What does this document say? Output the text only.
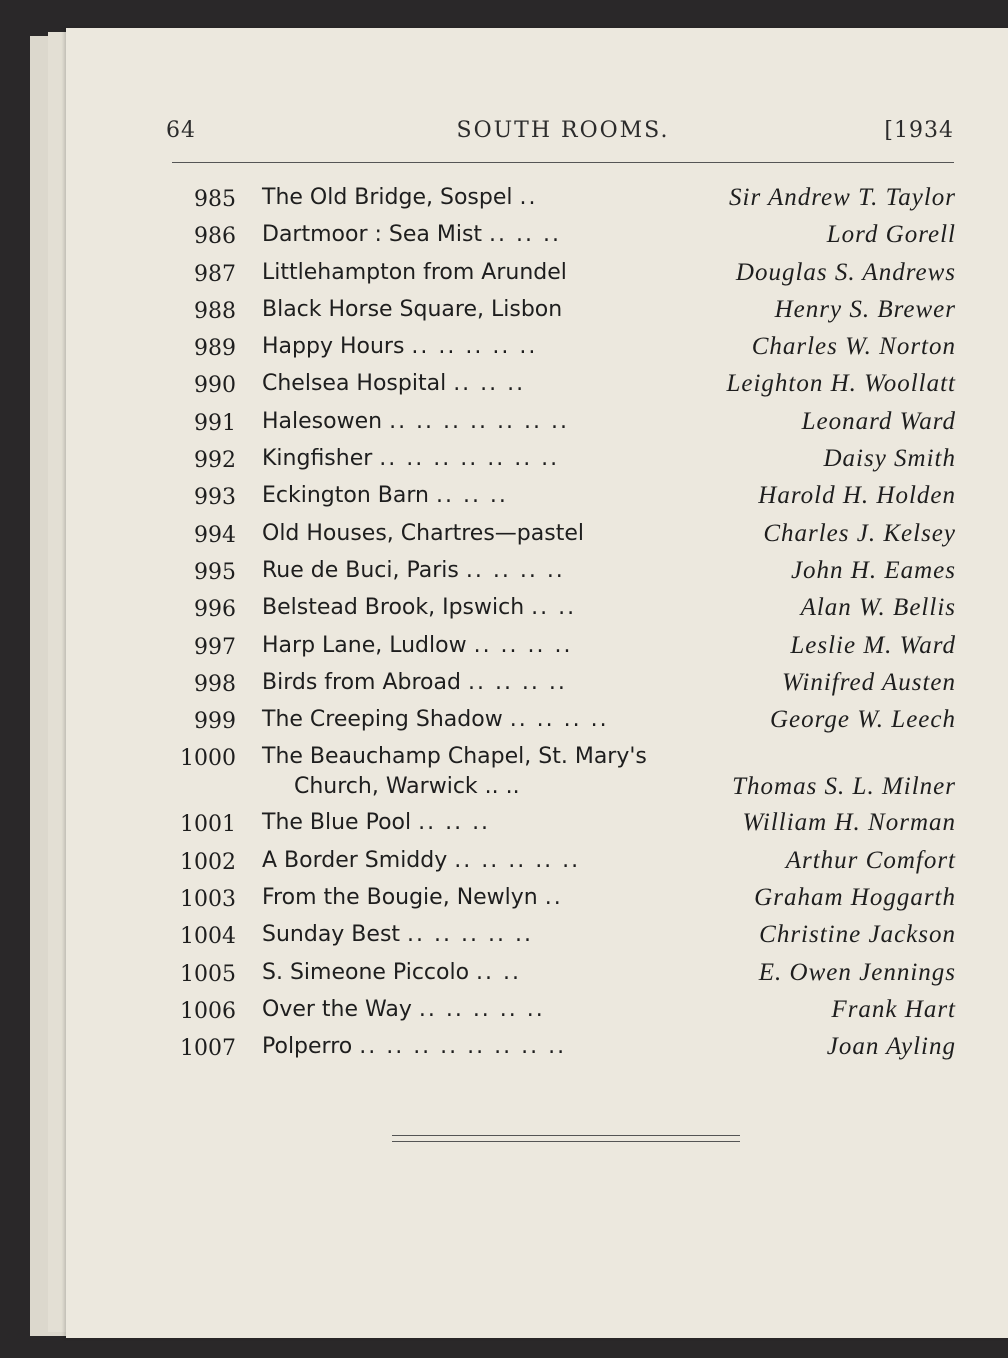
64	SOUTH ROOMS.	[1934
985 The Old Bridge, Sospel ..	Sir Andrew T. Taylor
986 Dartmoor : Sea Mist .. .. ..	Lord Gorell
987 Littlehampton from Arundel	Douglas S. Andrews
988 Black Horse Square, Lisbon	Henry S. Brewer
989 Happy Hours .. .. .. .. ..	Charles W. Norton
990 Chelsea Hospital .. .. ..	Leighton H. Woollatt
991 Halesowen .. .. .. .. .. .. ..	Leonard Ward
992 Kingfisher .. .. .. .. .. .. ..	Daisy Smith
993 Eckington Barn .. .. ..	Harold H. Holden
994 Old Houses, Chartres—pastel	Charles J. Kelsey
995 Rue de Buci, Paris .. .. .. ..	John H. Eames
996 Belstead Brook, Ipswich .. ..	Alan W. Bellis
997 Harp Lane, Ludlow .. .. .. ..	Leslie M. Ward
998 Birds from Abroad .. .. .. ..	Winifred Austen
999 The Creeping Shadow .. .. .. ..	George W. Leech
1000 The Beauchamp Chapel, St. Mary's
Church, Warwick .. ..	Thomas S. L. Milner
1001 The Blue Pool .. .. ..	William H. Norman
1002 A Border Smiddy .. .. .. .. ..	Arthur Comfort
1003 From the Bougie, Newlyn ..	Graham Hoggarth
1004 Sunday Best .. .. .. .. ..	Christine Jackson
1005 S. Simeone Piccolo .. ..	E. Owen Jennings
1006 Over the Way .. .. .. .. ..	Frank Hart
1007 Polperro .. .. .. .. .. .. .. ..	Joan Ayling
